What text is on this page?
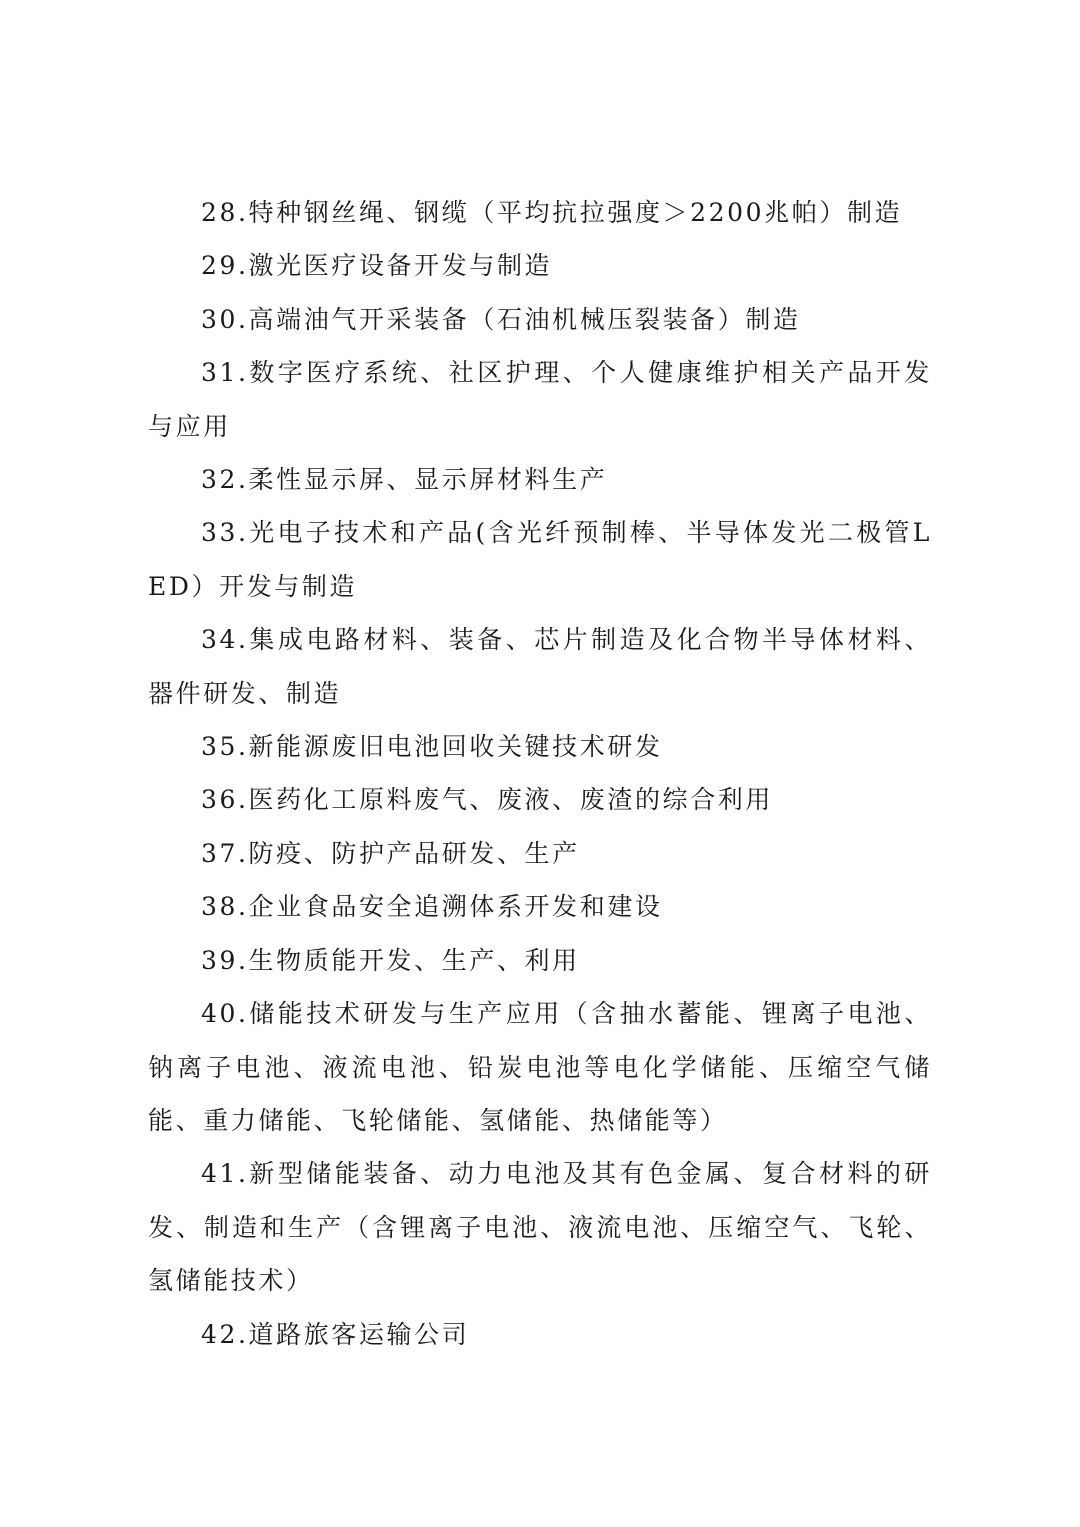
28.特种钢丝绳、钢缆（平均抗拉强度＞2200兆帕）制造

29.激光医疗设备开发与制造

30.高端油气开采装备（石油机械压裂装备）制造

31.数字医疗系统、社区护理、个人健康维护相关产品开发与应用

32.柔性显示屏、显示屏材料生产

33.光电子技术和产品(含光纤预制棒、半导体发光二极管LED）开发与制造

34.集成电路材料、装备、芯片制造及化合物半导体材料、器件研发、制造

35.新能源废旧电池回收关键技术研发

36.医药化工原料废气、废液、废渣的综合利用

37.防疫、防护产品研发、生产

38.企业食品安全追溯体系开发和建设

39.生物质能开发、生产、利用

40.储能技术研发与生产应用（含抽水蓄能、锂离子电池、钠离子电池、液流电池、铅炭电池等电化学储能、压缩空气储能、重力储能、飞轮储能、氢储能、热储能等）

41.新型储能装备、动力电池及其有色金属、复合材料的研发、制造和生产（含锂离子电池、液流电池、压缩空气、飞轮、氢储能技术）

42.道路旅客运输公司
